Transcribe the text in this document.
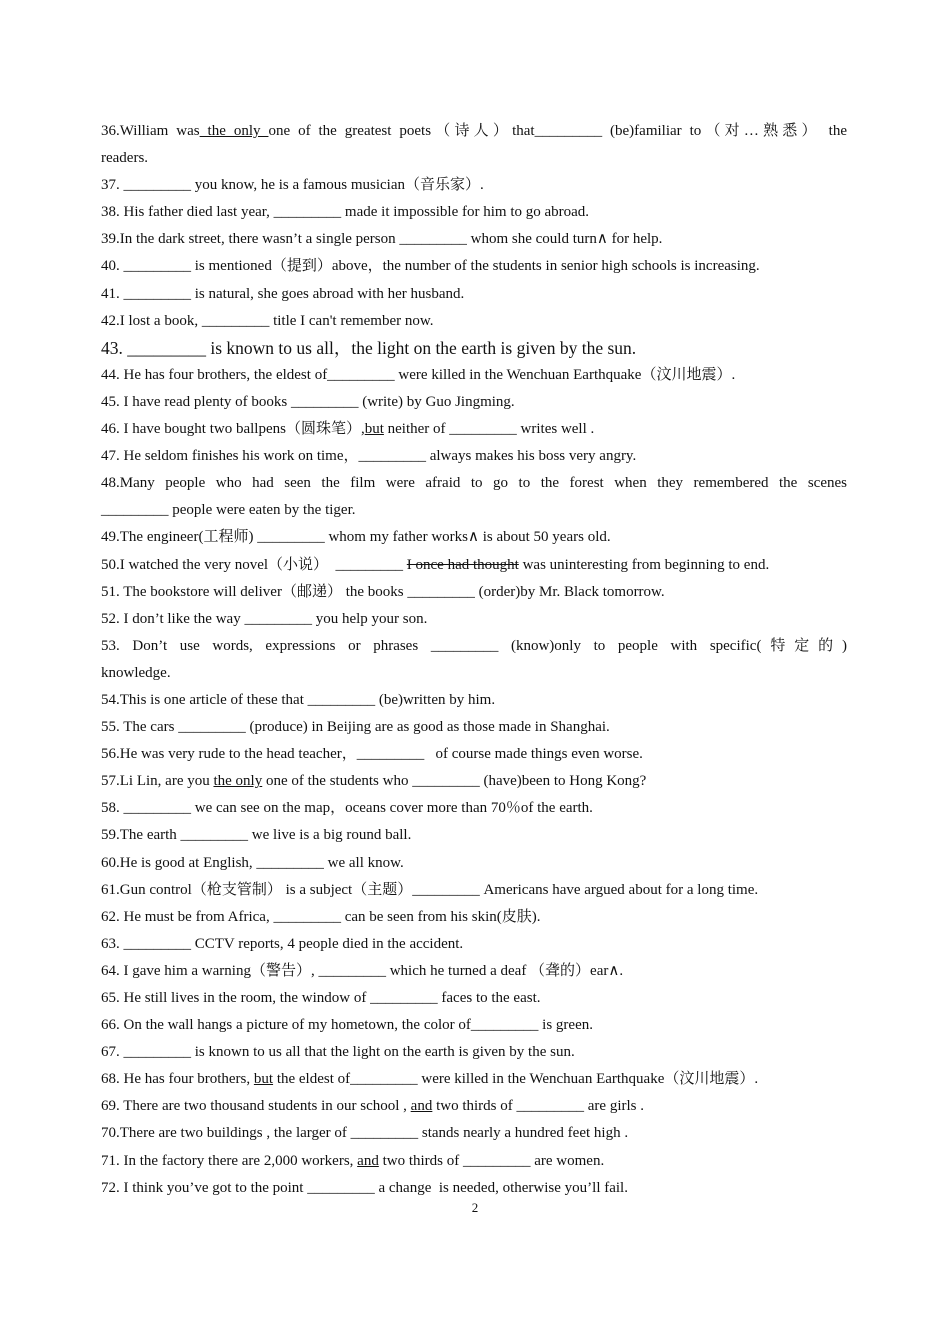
36.William was the only one of the greatest poets（诗人）that_________ (be)familiar to（对…熟悉） the
readers.
37. _________ you know, he is a famous musician（音乐家）.
38. His father died last year, _________ made it impossible for him to go abroad.
39.In the dark street, there wasn’t a single person _________ whom she could turn∧ for help.
40. _________ is mentioned（提到）above，the number of the students in senior high schools is increasing.
41. _________ is natural, she goes abroad with her husband.
42.I lost a book, _________ title I can't remember now.
43. _________ is known to us all，the light on the earth is given by the sun.
44. He has four brothers, the eldest of_________ were killed in the Wenchuan Earthquake（汶川地震）.
45. I have read plenty of books _________ (write) by Guo Jingming.
46. I have bought two ballpens（圆珠笔）,but neither of _________ writes well .
47. He seldom finishes his work on time，_________ always makes his boss very angry.
48.Many people who had seen the film were afraid to go to the forest when they remembered the scenes
_________ people were eaten by the tiger.
49.The engineer(工程师) _________ whom my father works∧ is about 50 years old.
50.I watched the very novel（小说）  _________ I once had thought was uninteresting from beginning to end.
51. The bookstore will deliver（邮递） the books _________ (order)by Mr. Black tomorrow.
52. I don’t like the way _________ you help your son.
53. Don’t use words, expressions or phrases _________ (know)only to people with specific(特定的)
knowledge.
54.This is one article of these that _________ (be)written by him.
55. The cars _________ (produce) in Beijing are as good as those made in Shanghai.
56.He was very rude to the head teacher，_________   of course made things even worse.
57.Li Lin, are you the only one of the students who _________ (have)been to Hong Kong?
58. _________ we can see on the map，oceans cover more than 70％of the earth.
59.The earth _________ we live is a big round ball.
60.He is good at English, _________ we all know.
61.Gun control（枪支管制） is a subject（主题）_________ Americans have argued about for a long time.
62. He must be from Africa, _________ can be seen from his skin(皮肤).
63. _________ CCTV reports, 4 people died in the accident.
64. I gave him a warning（警告）, _________ which he turned a deaf （聋的）ear∧.
65. He still lives in the room, the window of _________ faces to the east.
66. On the wall hangs a picture of my hometown, the color of_________ is green.
67. _________ is known to us all that the light on the earth is given by the sun.
68. He has four brothers, but the eldest of_________ were killed in the Wenchuan Earthquake（汶川地震）.
69. There are two thousand students in our school , and two thirds of _________ are girls .
70.There are two buildings , the larger of _________ stands nearly a hundred feet high .
71. In the factory there are 2,000 workers, and two thirds of _________ are women.
72. I think you’ve got to the point _________ a change  is needed, otherwise you’ll fail.
2
